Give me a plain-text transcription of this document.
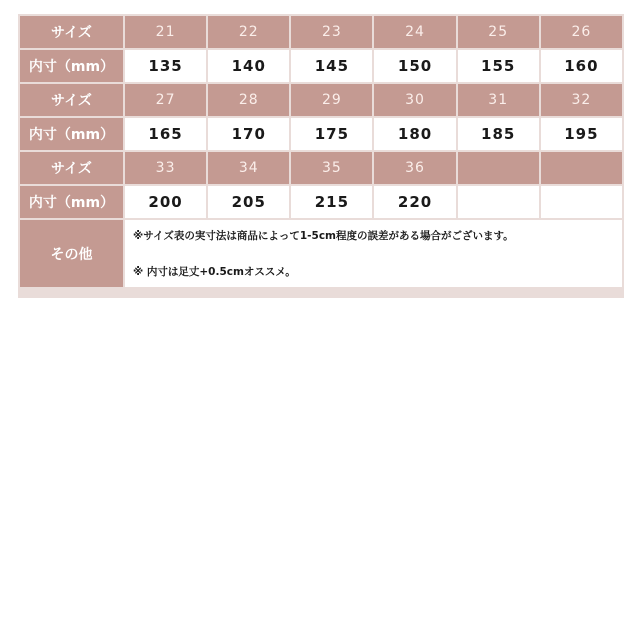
サイズ	21	22	23	24	25	26
内寸（mm）	135	140	145	150	155	160
サイズ	27	28	29	30	31	32
内寸（mm）	165	170	175	180	185	195
サイズ	33	34	35	36		
内寸（mm）	200	205	215	220		
その他	※サイズ表の実寸法は商品によって1-5cm程度の誤差がある場合がございます。
※ 内寸は足丈+0.5cmオススメ。					
